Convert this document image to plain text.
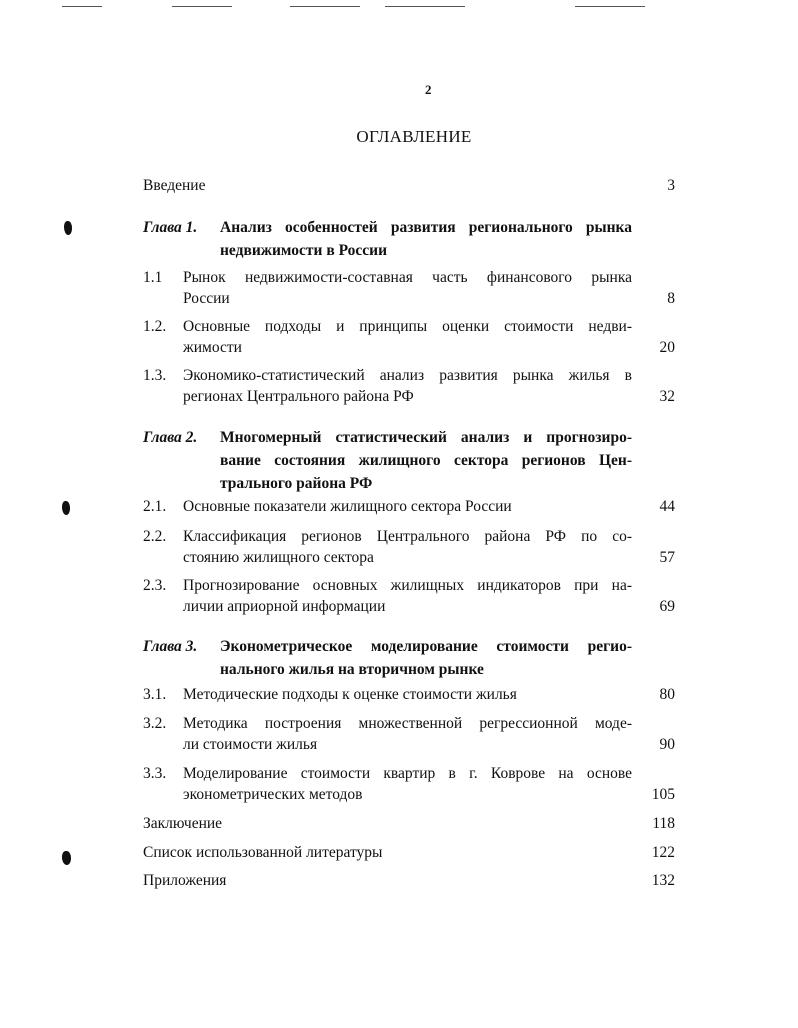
2
ОГЛАВЛЕНИЕ
Введение	3
Глава 1. Анализ особенностей развития регионального рынка
недвижимости в России
1.1 Рынок недвижимости-составная часть финансового рынка
России	8
1.2. Основные подходы и принципы оценки стоимости недви-
жимости	20
1.3. Экономико-статистический анализ развития рынка жилья в
регионах Центрального района РФ	32
Глава 2. Многомерный статистический анализ и прогнозиро-
вание состояния жилищного сектора регионов Цен-
трального района РФ
2.1. Основные показатели жилищного сектора России	44
2.2. Классификация регионов Центрального района РФ по со-
стоянию жилищного сектора	57
2.3. Прогнозирование основных жилищных индикаторов при на-
личии априорной информации	69
Глава 3. Эконометрическое моделирование стоимости регио-
нального жилья на вторичном рынке
3.1. Методические подходы к оценке стоимости жилья	80
3.2. Методика построения множественной регрессионной моде-
ли стоимости жилья	90
3.3. Моделирование стоимости квартир в г. Коврове на основе
эконометрических методов	105
Заключение	118
Список использованной литературы	122
Приложения	132
